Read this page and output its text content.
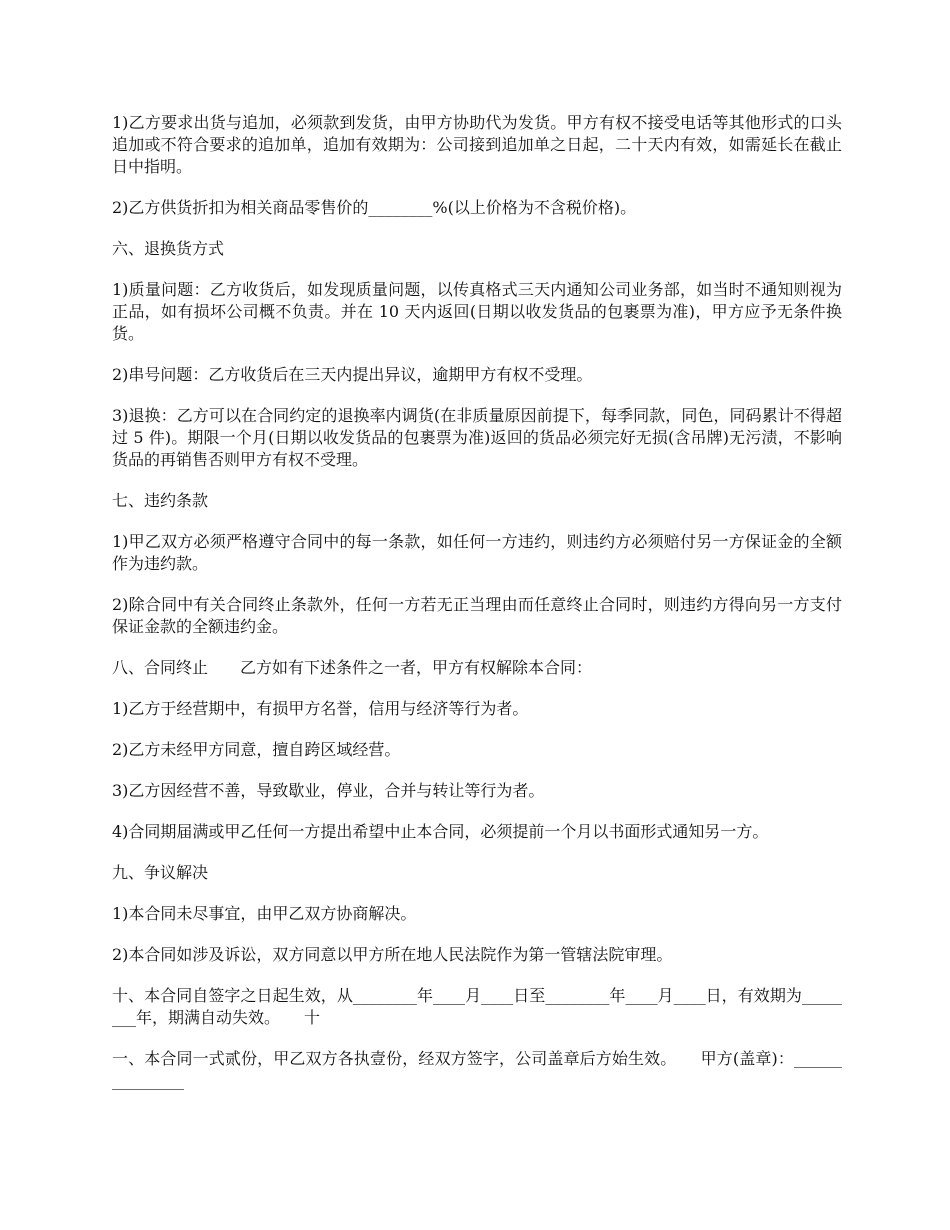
1)乙方要求出货与追加，必须款到发货，由甲方协助代为发货。甲方有权不接受电话等其他形式的口头追加或不符合要求的追加单，追加有效期为：公司接到追加单之日起，二十天内有效，如需延长在截止日中指明。

2)乙方供货折扣为相关商品零售价的________%(以上价格为不含税价格)。

六、退换货方式

1)质量问题：乙方收货后，如发现质量问题，以传真格式三天内通知公司业务部，如当时不通知则视为正品，如有损坏公司概不负责。并在 10 天内返回(日期以收发货品的包裹票为准)，甲方应予无条件换货。

2)串号问题：乙方收货后在三天内提出异议，逾期甲方有权不受理。

3)退换：乙方可以在合同约定的退换率内调货(在非质量原因前提下，每季同款，同色，同码累计不得超过 5 件)。期限一个月(日期以收发货品的包裹票为准)返回的货品必须完好无损(含吊牌)无污渍，不影响货品的再销售否则甲方有权不受理。

七、违约条款

1)甲乙双方必须严格遵守合同中的每一条款，如任何一方违约，则违约方必须赔付另一方保证金的全额作为违约款。

2)除合同中有关合同终止条款外，任何一方若无正当理由而任意终止合同时，则违约方得向另一方支付保证金款的全额违约金。

八、合同终止　　乙方如有下述条件之一者，甲方有权解除本合同：

1)乙方于经营期中，有损甲方名誉，信用与经济等行为者。

2)乙方未经甲方同意，擅自跨区域经营。

3)乙方因经营不善，导致歇业，停业，合并与转让等行为者。

4)合同期届满或甲乙任何一方提出希望中止本合同，必须提前一个月以书面形式通知另一方。

九、争议解决

1)本合同未尽事宜，由甲乙双方协商解决。

2)本合同如涉及诉讼，双方同意以甲方所在地人民法院作为第一管辖法院审理。

十、本合同自签字之日起生效，从________年____月____日至________年____月____日，有效期为________年，期满自动失效。　　十

一、本合同一式贰份，甲乙双方各执壹份，经双方签字，公司盖章后方始生效。　　甲方(盖章)：_______________
